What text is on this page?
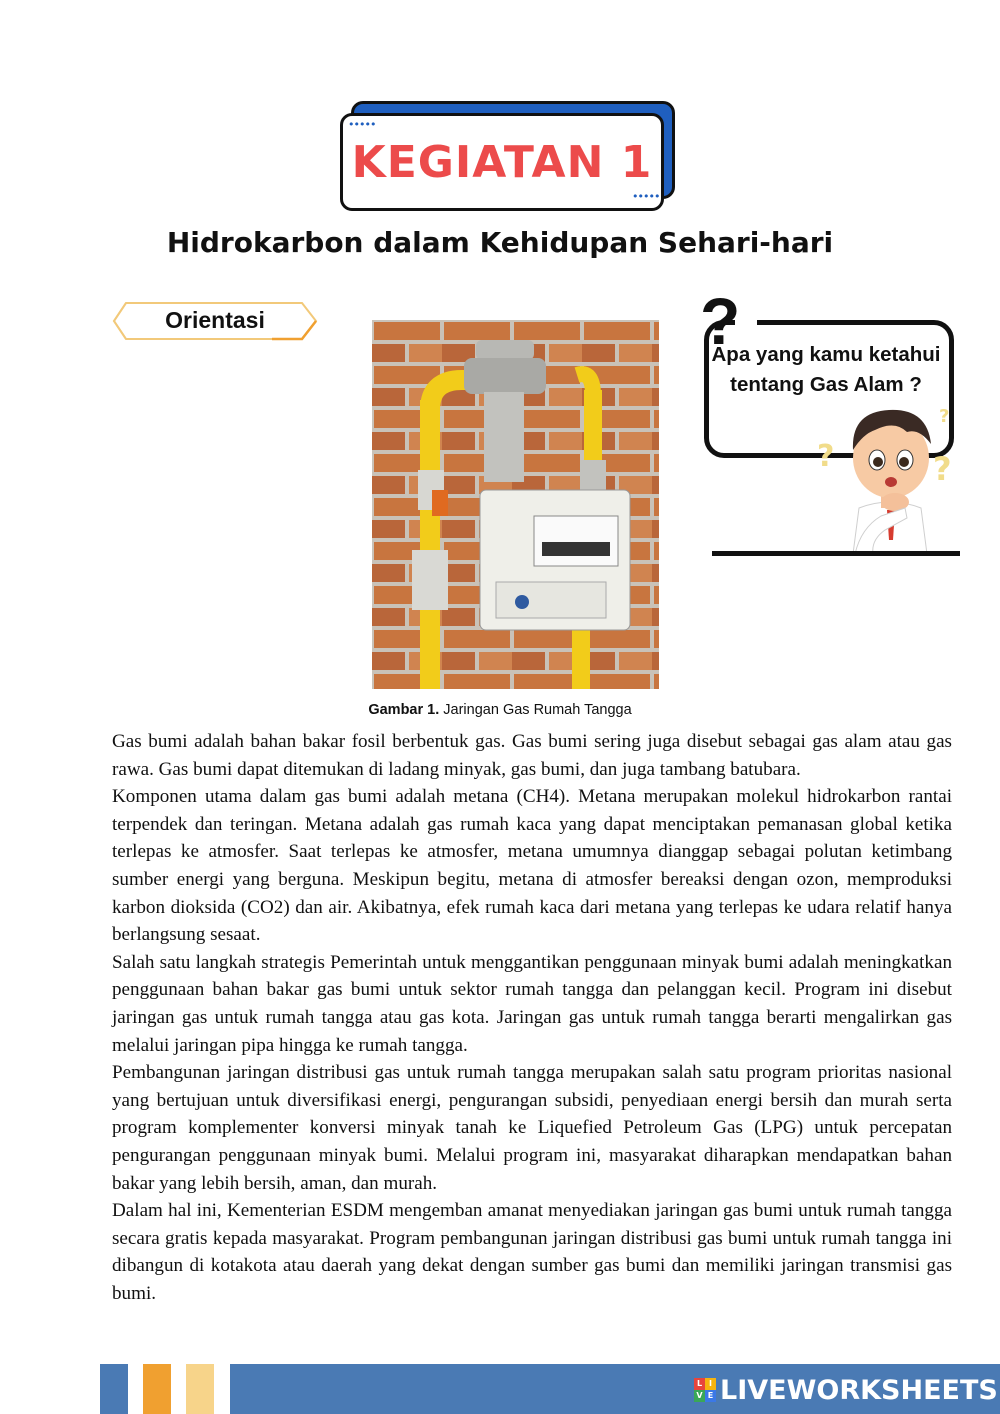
KEGIATAN 1
•••••
•••••
Hidrokarbon dalam Kehidupan Sehari-hari
Orientasi
Gambar 1. Jaringan Gas Rumah Tangga
?
Apa yang kamu ketahui tentang Gas Alam ?
?	?
?

Gas bumi adalah bahan bakar fosil berbentuk gas. Gas bumi sering juga disebut sebagai gas alam atau gas rawa. Gas bumi dapat ditemukan di ladang minyak, gas bumi, dan juga tambang batubara.

Komponen utama dalam gas bumi adalah metana (CH4). Metana merupakan molekul hidrokarbon rantai terpendek dan teringan. Metana adalah gas rumah kaca yang dapat menciptakan pemanasan global ketika terlepas ke atmosfer. Saat terlepas ke atmosfer, metana umumnya dianggap sebagai polutan ketimbang sumber energi yang berguna. Meskipun begitu, metana di atmosfer bereaksi dengan ozon, memproduksi karbon dioksida (CO2) dan air. Akibatnya, efek rumah kaca dari metana yang terlepas ke udara relatif hanya berlangsung sesaat.

Salah satu langkah strategis Pemerintah untuk menggantikan penggunaan minyak bumi adalah meningkatkan penggunaan bahan bakar gas bumi untuk sektor rumah tangga dan pelanggan kecil. Program ini disebut jaringan gas untuk rumah tangga atau gas kota. Jaringan gas untuk rumah tangga berarti mengalirkan gas melalui jaringan pipa hingga ke rumah tangga.

Pembangunan jaringan distribusi gas untuk rumah tangga merupakan salah satu program prioritas nasional yang bertujuan untuk diversifikasi energi, pengurangan subsidi, penyediaan energi bersih dan murah serta program komplementer konversi minyak tanah ke Liquefied Petroleum Gas (LPG) untuk percepatan pengurangan penggunaan minyak bumi. Melalui program ini, masyarakat diharapkan mendapatkan bahan bakar yang lebih bersih, aman, dan murah.

Dalam hal ini, Kementerian ESDM mengemban amanat menyediakan jaringan gas bumi untuk rumah tangga secara gratis kepada masyarakat. Program pembangunan jaringan distribusi gas bumi untuk rumah tangga ini dibangun di kotakota atau daerah yang dekat dengan sumber gas bumi dan memiliki jaringan transmisi gas bumi.

L I
V E LIVEWORKSHEETS
